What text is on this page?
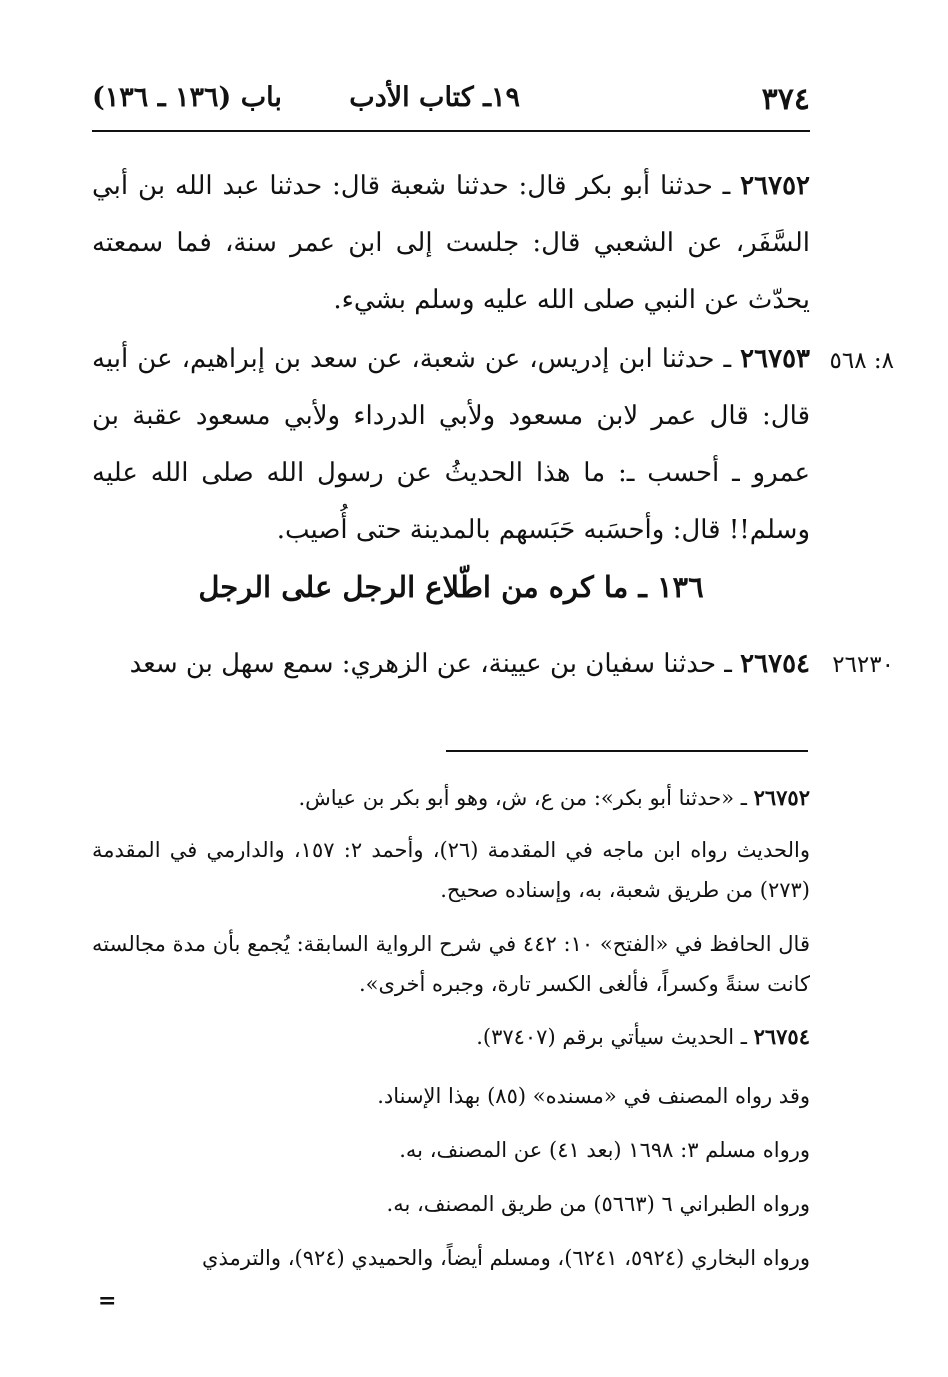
٣٧٤
١٩ـ كتاب الأدب
باب (١٣٦ ـ ١٣٦)
٢٦٧٥٢ ـ حدثنا أبو بكر قال: حدثنا شعبة قال: حدثنا عبد الله بن أبي السَّفَر، عن الشعبي قال: جلست إلى ابن عمر سنة، فما سمعته يحدّث عن النبي صلى الله عليه وسلم بشيء.
٨: ٥٦٨
٢٦٧٥٣ ـ حدثنا ابن إدريس، عن شعبة، عن سعد بن إبراهيم، عن أبيه قال: قال عمر لابن مسعود ولأبي الدرداء ولأبي مسعود عقبة بن عمرو ـ أحسب ـ: ما هذا الحديثُ عن رسول الله صلى الله عليه وسلم!! قال: وأحسَبه حَبَسهم بالمدينة حتى أُصيب.
١٣٦ ـ ما كره من اطّلاع الرجل على الرجل
٢٦٢٣٠
٢٦٧٥٤ ـ حدثنا سفيان بن عيينة، عن الزهري: سمع سهل بن سعد
٢٦٧٥٢ ـ «حدثنا أبو بكر»: من ع، ش، وهو أبو بكر بن عياش.
والحديث رواه ابن ماجه في المقدمة (٢٦)، وأحمد ٢: ١٥٧، والدارمي في المقدمة (٢٧٣) من طريق شعبة، به، وإسناده صحيح.
قال الحافظ في «الفتح» ١٠: ٤٤٢ في شرح الرواية السابقة: يُجمع بأن مدة مجالسته كانت سنةً وكسراً، فألغى الكسر تارة، وجبره أخرى».
٢٦٧٥٤ ـ الحديث سيأتي برقم (٣٧٤٠٧).
وقد رواه المصنف في «مسنده» (٨٥) بهذا الإسناد.
ورواه مسلم ٣: ١٦٩٨ (بعد ٤١) عن المصنف، به.
ورواه الطبراني ٦ (٥٦٦٣) من طريق المصنف، به.
ورواه البخاري (٥٩٢٤، ٦٢٤١)، ومسلم أيضاً، والحميدي (٩٢٤)، والترمذي
=
